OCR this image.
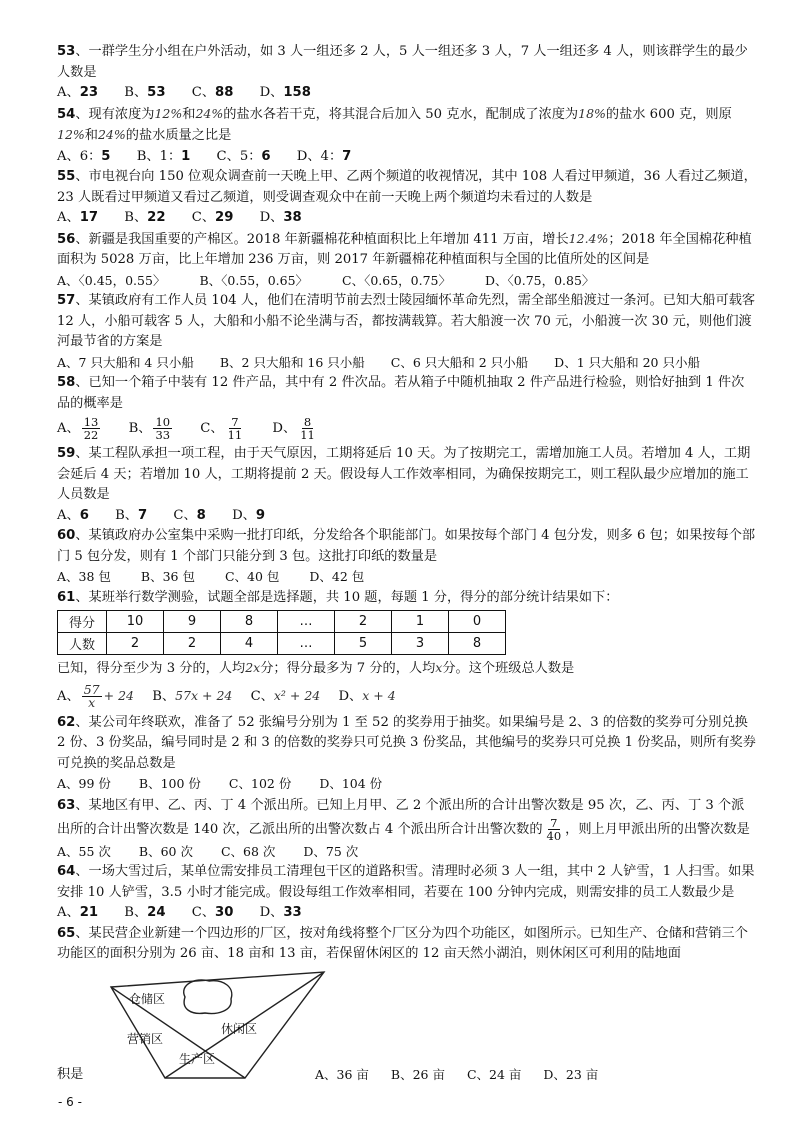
53、一群学生分小组在户外活动，如 3 人一组还多 2 人，5 人一组还多 3 人，7 人一组还多 4 人，则该群学生的最少人数是

A、23 B、53 C、88 D、158

54、现有浓度为12%和24%的盐水各若干克，将其混合后加入 50 克水，配制成了浓度为18%的盐水 600 克，则原12%和24%的盐水质量之比是

A、6：5 B、1：1 C、5：6 D、4：7

55、市电视台向 150 位观众调查前一天晚上甲、乙两个频道的收视情况，其中 108 人看过甲频道，36 人看过乙频道，23 人既看过甲频道又看过乙频道，则受调查观众中在前一天晚上两个频道均未看过的人数是

A、17 B、22 C、29 D、38

56、新疆是我国重要的产棉区。2018 年新疆棉花种植面积比上年增加 411 万亩，增长12.4%；2018 年全国棉花种植面积为 5028 万亩，比上年增加 236 万亩，则 2017 年新疆棉花种植面积与全国的比值所处的区间是

A、〈0.45，0.55〉	B、〈0.55，0.65〉	C、〈0.65，0.75〉	D、〈0.75，0.85〉

57、某镇政府有工作人员 104 人，他们在清明节前去烈士陵园缅怀革命先烈，需全部坐船渡过一条河。已知大船可载客 12 人，小船可载客 5 人，大船和小船不论坐满与否，都按满载算。若大船渡一次 70 元，小船渡一次 30 元，则他们渡河最节省的方案是

A、7 只大船和 4 只小船 B、2 只大船和 16 只小船 C、6 只大船和 2 只小船 D、1 只大船和 20 只小船

58、已知一个箱子中装有 12 件产品，其中有 2 件次品。若从箱子中随机抽取 2 件产品进行检验，则恰好抽到 1 件次品的概率是

A、 $\frac{13}{22}$ B、 $\frac{10}{33}$ C、 $\frac{7}{11}$ D、 $\frac{8}{11}$

59、某工程队承担一项工程，由于天气原因，工期将延后 10 天。为了按期完工，需增加施工人员。若增加 4 人，工期会延后 4 天；若增加 10 人，工期将提前 2 天。假设每人工作效率相同，为确保按期完工，则工程队最少应增加的施工人员数是

A、6 B、7 C、8 D、9

60、某镇政府办公室集中采购一批打印纸，分发给各个职能部门。如果按每个部门 4 包分发，则多 6 包；如果按每个部门 5 包分发，则有 1 个部门只能分到 3 包。这批打印纸的数量是

A、38 包 B、36 包 C、40 包 D、42 包

61、某班举行数学测验，试题全部是选择题，共 10 题，每题 1 分，得分的部分统计结果如下：

得分	10	9	8	…	2	1	0
人数	2	2	4	…	5	3	8

已知，得分至少为 3 分的，人均2x分；得分最多为 7 分的，人均x分。这个班级总人数是

A、 $\frac{57}{x} + 24$ B、57x + 24 C、x² + 24 D、x + 4

62、某公司年终联欢，准备了 52 张编号分别为 1 至 52 的奖券用于抽奖。如果编号是 2、3 的倍数的奖券可分别兑换 2 份、3 份奖品，编号同时是 2 和 3 的倍数的奖券只可兑换 3 份奖品，其他编号的奖券只可兑换 1 份奖品，则所有奖券可兑换的奖品总数是

A、99 份 B、100 份 C、102 份 D、104 份

63、某地区有甲、乙、丙、丁 4 个派出所。已知上月甲、乙 2 个派出所的合计出警次数是 95 次，乙、丙、丁 3 个派出所的合计出警次数是 140 次，乙派出所的出警次数占 4 个派出所合计出警次数的 $\frac{7}{40}$ ，则上月甲派出所的出警次数是

A、55 次 B、60 次 C、68 次 D、75 次

64、一场大雪过后，某单位需安排员工清理包干区的道路积雪。清理时必须 3 人一组，其中 2 人铲雪，1 人扫雪。如果安排 10 人铲雪，3.5 小时才能完成。假设每组工作效率相同，若要在 100 分钟内完成，则需安排的员工人数最少是

A、21 B、24 C、30 D、33

65、某民营企业新建一个四边形的厂区，按对角线将整个厂区分为四个功能区，如图所示。已知生产、仓储和营销三个功能区的面积分别为 26 亩、18 亩和 13 亩，若保留休闲区的 12 亩天然小湖泊，则休闲区可利用的陆地面

仓储区
休闲区
营销区
生产区
积是	A、36 亩 B、26 亩 C、24 亩 D、23 亩
- 6 -
